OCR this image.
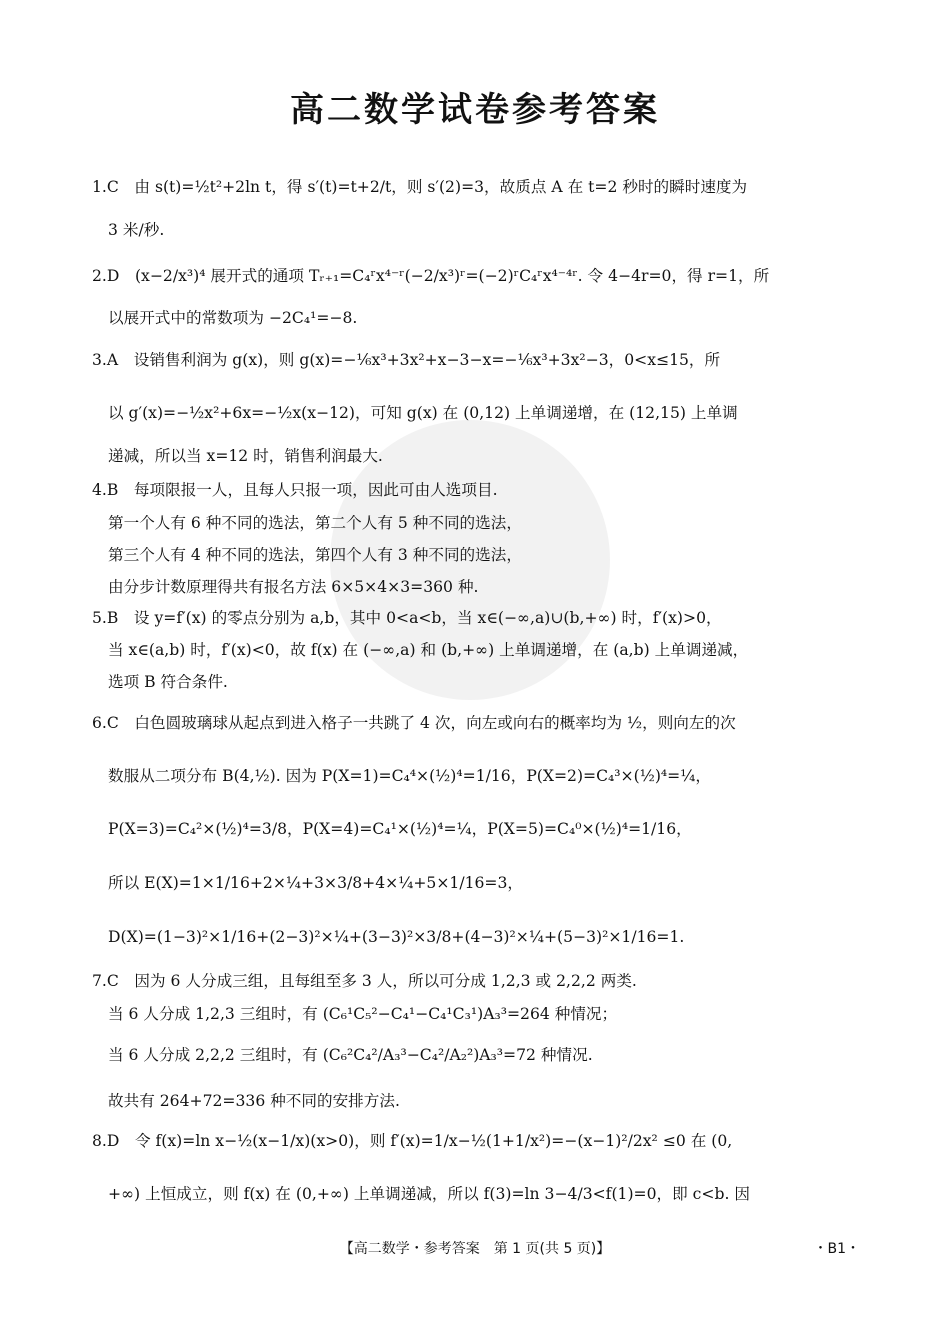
高二数学试卷参考答案
1.C　由 s(t)=½t²+2ln t，得 s′(t)=t+2/t，则 s′(2)=3，故质点 A 在 t=2 秒时的瞬时速度为
3 米/秒.
2.D　(x−2/x³)⁴ 展开式的通项 Tᵣ₊₁=C₄ʳx⁴⁻ʳ(−2/x³)ʳ=(−2)ʳC₄ʳx⁴⁻⁴ʳ. 令 4−4r=0，得 r=1，所
以展开式中的常数项为 −2C₄¹=−8.
3.A　设销售利润为 g(x)，则 g(x)=−⅙x³+3x²+x−3−x=−⅙x³+3x²−3，0<x≤15，所
以 g′(x)=−½x²+6x=−½x(x−12)，可知 g(x) 在 (0,12) 上单调递增，在 (12,15) 上单调
递减，所以当 x=12 时，销售利润最大.
4.B　每项限报一人，且每人只报一项，因此可由人选项目.
第一个人有 6 种不同的选法，第二个人有 5 种不同的选法，
第三个人有 4 种不同的选法，第四个人有 3 种不同的选法，
由分步计数原理得共有报名方法 6×5×4×3=360 种.
5.B　设 y=f′(x) 的零点分别为 a,b，其中 0<a<b，当 x∈(−∞,a)∪(b,+∞) 时，f′(x)>0，
当 x∈(a,b) 时，f′(x)<0，故 f(x) 在 (−∞,a) 和 (b,+∞) 上单调递增，在 (a,b) 上单调递减，
选项 B 符合条件.
6.C　白色圆玻璃球从起点到进入格子一共跳了 4 次，向左或向右的概率均为 ½，则向左的次
数服从二项分布 B(4,½). 因为 P(X=1)=C₄⁴×(½)⁴=1/16，P(X=2)=C₄³×(½)⁴=¼，
P(X=3)=C₄²×(½)⁴=3/8，P(X=4)=C₄¹×(½)⁴=¼，P(X=5)=C₄⁰×(½)⁴=1/16，
所以 E(X)=1×1/16+2×¼+3×3/8+4×¼+5×1/16=3，
D(X)=(1−3)²×1/16+(2−3)²×¼+(3−3)²×3/8+(4−3)²×¼+(5−3)²×1/16=1.
7.C　因为 6 人分成三组，且每组至多 3 人，所以可分成 1,2,3 或 2,2,2 两类.
当 6 人分成 1,2,3 三组时，有 (C₆¹C₅²−C₄¹−C₄¹C₃¹)A₃³=264 种情况；
当 6 人分成 2,2,2 三组时，有 (C₆²C₄²/A₃³−C₄²/A₂²)A₃³=72 种情况.
故共有 264+72=336 种不同的安排方法.
8.D　令 f(x)=ln x−½(x−1/x)(x>0)，则 f′(x)=1/x−½(1+1/x²)=−(x−1)²/2x² ≤0 在 (0,
+∞) 上恒成立，则 f(x) 在 (0,+∞) 上单调递减，所以 f(3)=ln 3−4/3<f(1)=0，即 c<b. 因
【高二数学・参考答案　第 1 页(共 5 页)】	・B1・
